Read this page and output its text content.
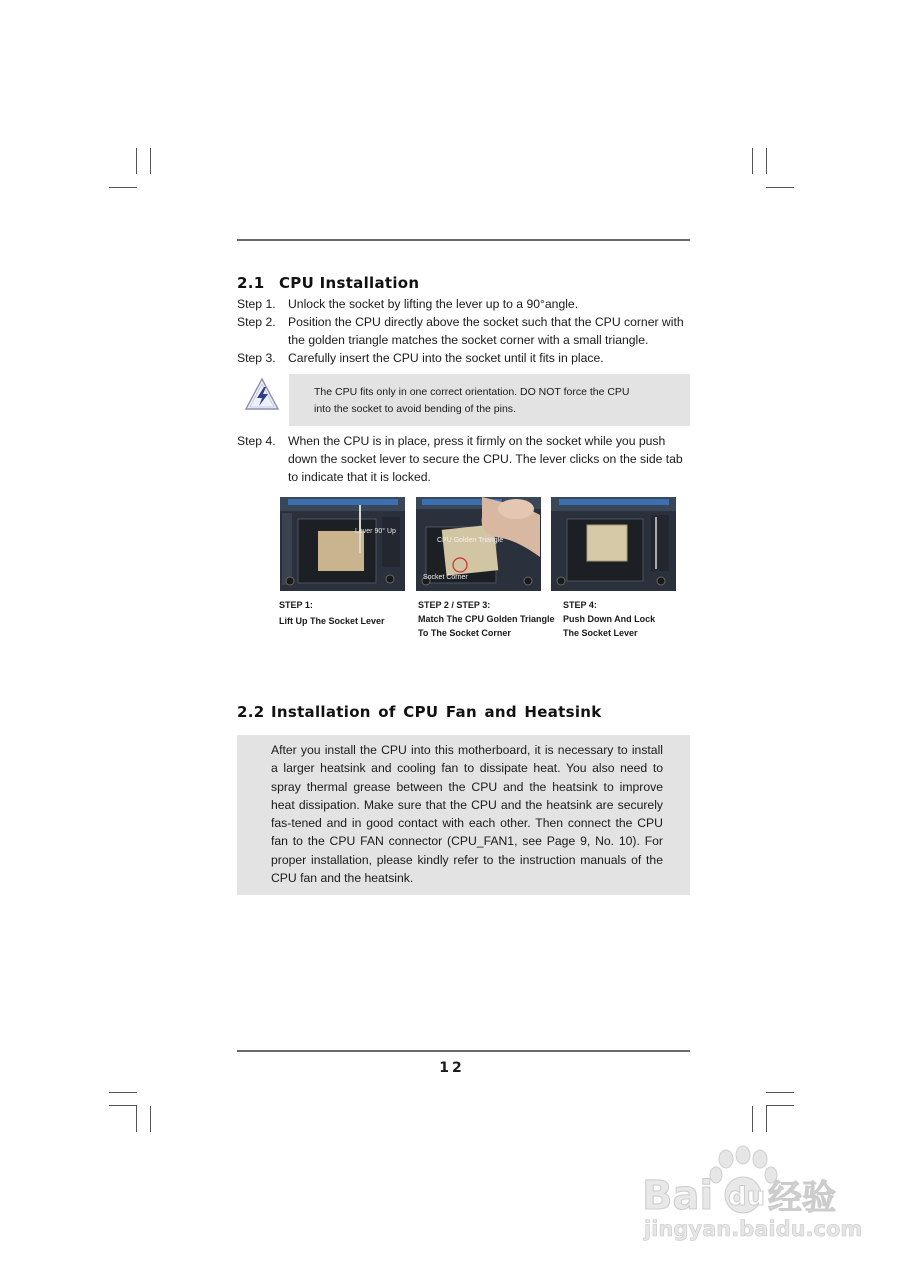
2.1 CPU Installation
Step 1. Unlock the socket by lifting the lever up to a 90°angle.
Step 2. Position the CPU directly above the socket such that the CPU corner with
the golden triangle matches the socket corner with a small triangle.
Step 3. Carefully insert the CPU into the socket until it fits in place.

The CPU fits only in one correct orientation. DO NOT force the CPU
into the socket to avoid bending of the pins.

Step 4. When the CPU is in place, press it firmly on the socket while you push
down the socket lever to secure the CPU. The lever clicks on the side tab
to indicate that it is locked.
Lever 90° Up
CPU Golden Triangle
Socket Corner
STEP 1:
Lift Up The Socket Lever
STEP 2 / STEP 3:
Match The CPU Golden Triangle
To The Socket Corner
STEP 4:
Push Down And Lock
The Socket Lever
2.2 Installation of CPU Fan and Heatsink

After you install the CPU into this motherboard, it is necessary to install a larger heatsink and cooling fan to dissipate heat. You also need to spray thermal grease between the CPU and the heatsink to improve heat dissipation. Make sure that the CPU and the heatsink are securely fas-tened and in good contact with each other. Then connect the CPU fan to the CPU FAN connector (CPU_FAN1, see Page 9, No. 10). For proper installation, please kindly refer to the instruction manuals of the CPU fan and the heatsink.

12
Bai du 经验
jingyan.baidu.com
